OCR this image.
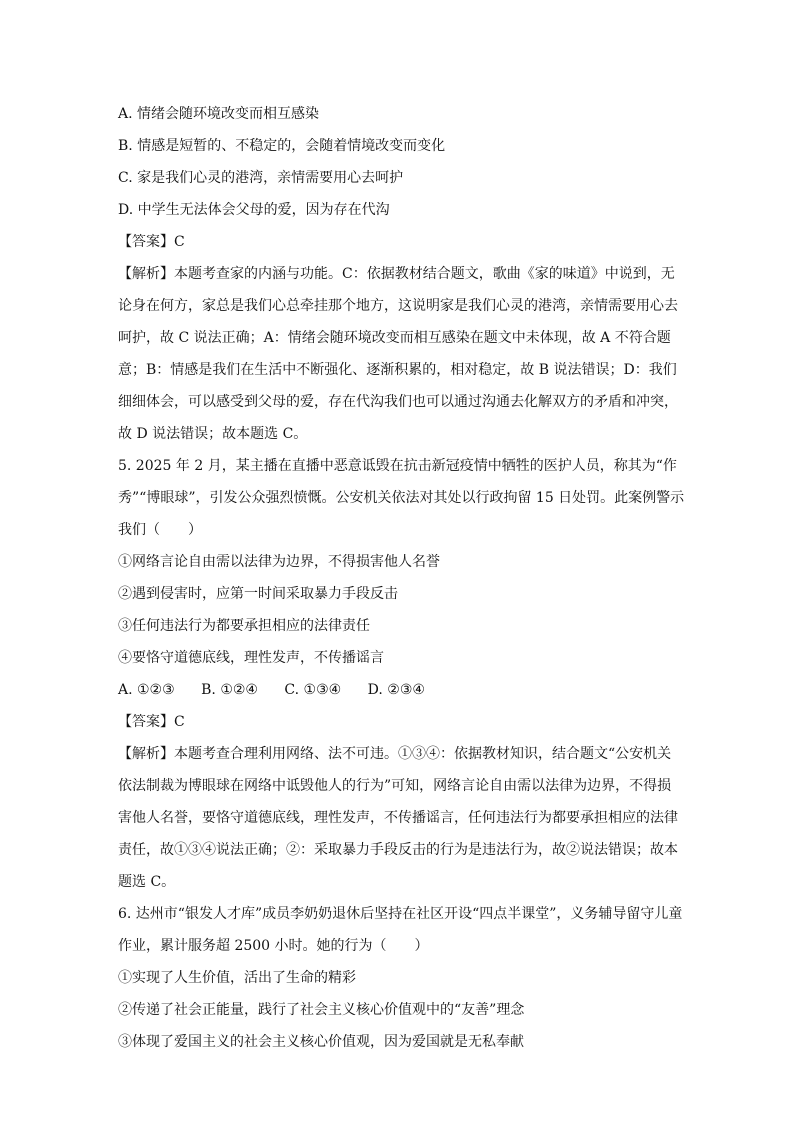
A. 情绪会随环境改变而相互感染

B. 情感是短暂的、不稳定的，会随着情境改变而变化

C. 家是我们心灵的港湾，亲情需要用心去呵护

D. 中学生无法体会父母的爱，因为存在代沟

【答案】C

【解析】本题考查家的内涵与功能。C：依据教材结合题文，歌曲《家的味道》中说到，无

论身在何方，家总是我们心总牵挂那个地方，这说明家是我们心灵的港湾，亲情需要用心去

呵护，故 C 说法正确；A：情绪会随环境改变而相互感染在题文中未体现，故 A 不符合题

意；B：情感是我们在生活中不断强化、逐渐积累的，相对稳定，故 B 说法错误；D：我们

细细体会，可以感受到父母的爱，存在代沟我们也可以通过沟通去化解双方的矛盾和冲突，

故 D 说法错误；故本题选 C。

5. 2025 年 2 月，某主播在直播中恶意诋毁在抗击新冠疫情中牺牲的医护人员，称其为“作

秀”“博眼球”，引发公众强烈愤慨。公安机关依法对其处以行政拘留 15 日处罚。此案例警示

我们（　　）

①网络言论自由需以法律为边界，不得损害他人名誉

②遇到侵害时，应第一时间采取暴力手段反击

③任何违法行为都要承担相应的法律责任

④要恪守道德底线，理性发声，不传播谣言

A. ①②③ B. ①②④ C. ①③④ D. ②③④

【答案】C

【解析】本题考查合理利用网络、法不可违。①③④：依据教材知识，结合题文“公安机关

依法制裁为博眼球在网络中诋毁他人的行为”可知，网络言论自由需以法律为边界，不得损

害他人名誉，要恪守道德底线，理性发声，不传播谣言，任何违法行为都要承担相应的法律

责任，故①③④说法正确；②：采取暴力手段反击的行为是违法行为，故②说法错误；故本

题选 C。

6. 达州市“银发人才库”成员李奶奶退休后坚持在社区开设“四点半课堂”，义务辅导留守儿童

作业，累计服务超 2500 小时。她的行为（　　）

①实现了人生价值，活出了生命的精彩

②传递了社会正能量，践行了社会主义核心价值观中的“友善”理念

③体现了爱国主义的社会主义核心价值观，因为爱国就是无私奉献
